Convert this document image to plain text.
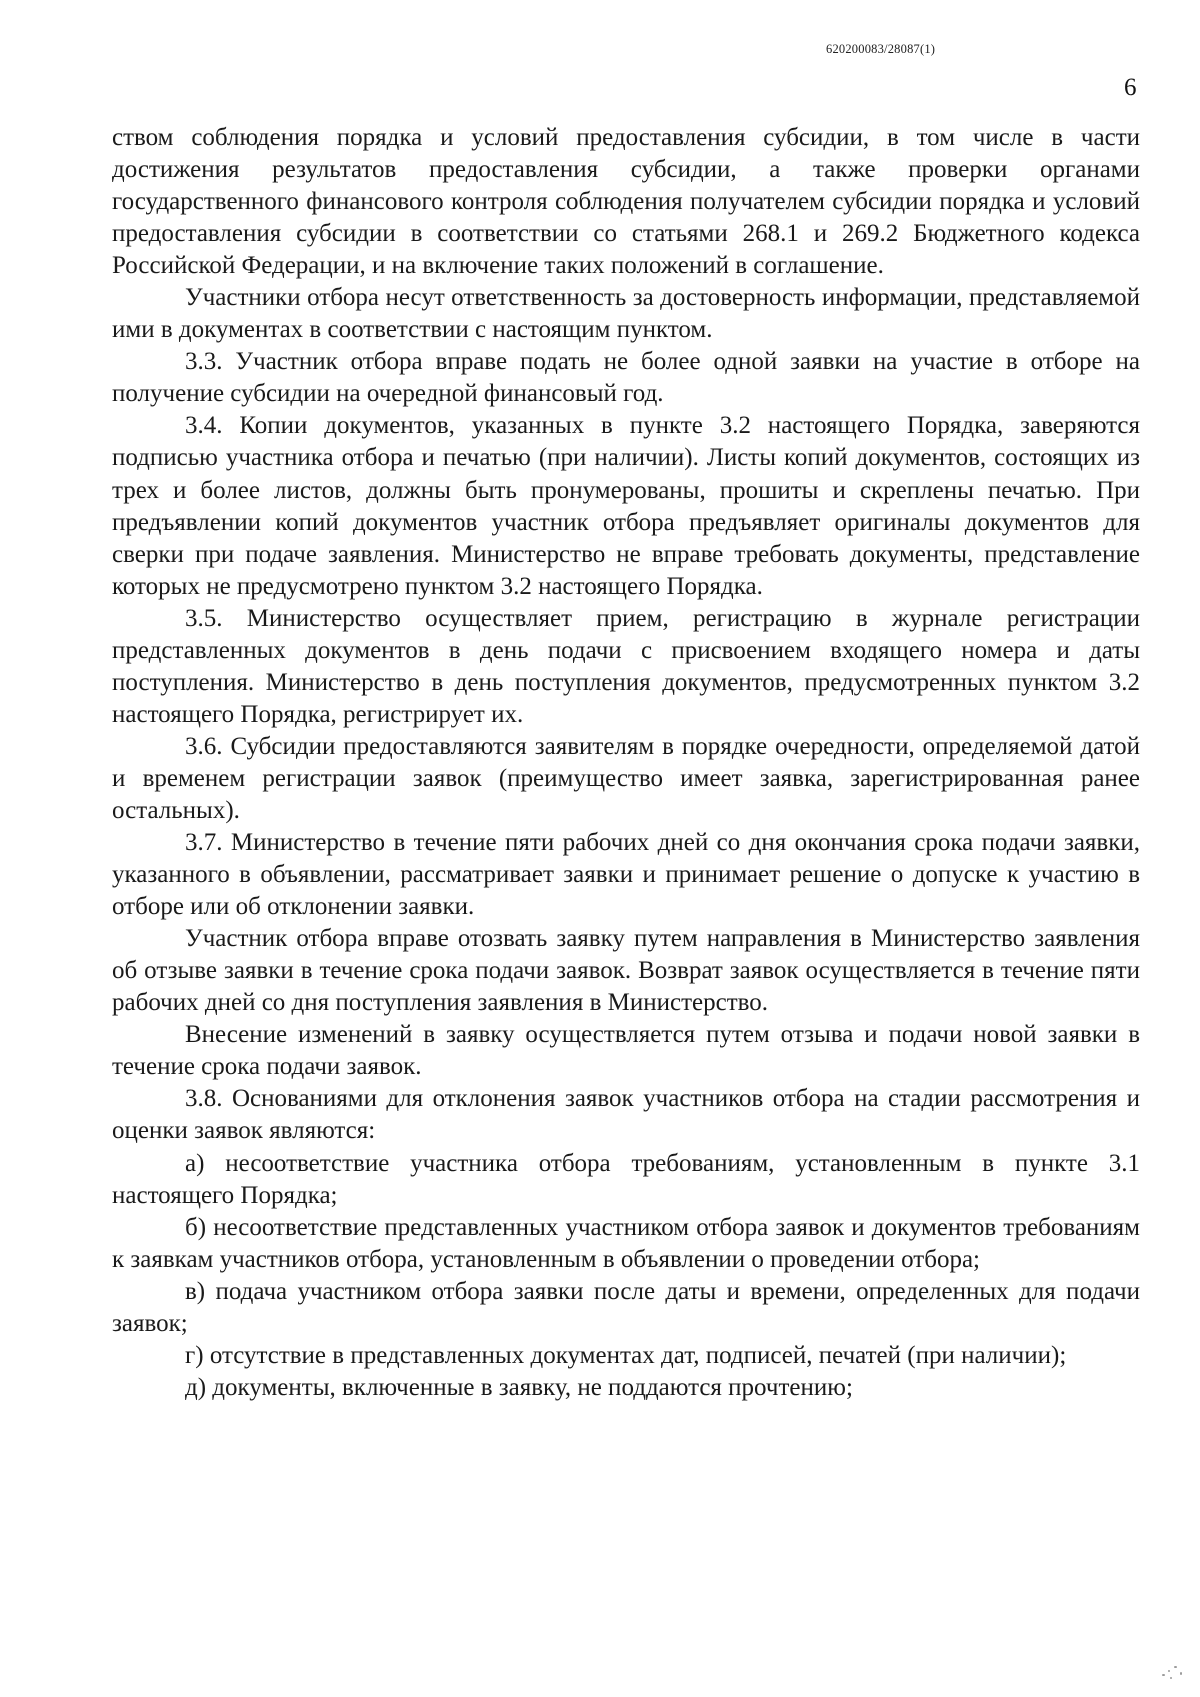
620200083/28087(1)
6

ством соблюдения порядка и условий предоставления субсидии, в том числе в части достижения результатов предоставления субсидии, а также проверки органами государственного финансового контроля соблюдения получателем субсидии порядка и условий предоставления субсидии в соответствии со статьями 268.1 и 269.2 Бюджетного кодекса Российской Федерации, и на включение таких положений в соглашение.

Участники отбора несут ответственность за достоверность информации, представляемой ими в документах в соответствии с настоящим пунктом.

3.3. Участник отбора вправе подать не более одной заявки на участие в отборе на получение субсидии на очередной финансовый год.

3.4. Копии документов, указанных в пункте 3.2 настоящего Порядка, заверяются подписью участника отбора и печатью (при наличии). Листы копий документов, состоящих из трех и более листов, должны быть пронумерованы, прошиты и скреплены печатью. При предъявлении копий документов участник отбора предъявляет оригиналы документов для сверки при подаче заявления. Министерство не вправе требовать документы, представление которых не предусмотрено пунктом 3.2 настоящего Порядка.

3.5. Министерство осуществляет прием, регистрацию в журнале регистрации представленных документов в день подачи с присвоением входящего номера и даты поступления. Министерство в день поступления документов, предусмотренных пунктом 3.2 настоящего Порядка, регистрирует их.

3.6. Субсидии предоставляются заявителям в порядке очередности, определяемой датой и временем регистрации заявок (преимущество имеет заявка, зарегистрированная ранее остальных).

3.7. Министерство в течение пяти рабочих дней со дня окончания срока подачи заявки, указанного в объявлении, рассматривает заявки и принимает решение о допуске к участию в отборе или об отклонении заявки.

Участник отбора вправе отозвать заявку путем направления в Министерство заявления об отзыве заявки в течение срока подачи заявок. Возврат заявок осуществляется в течение пяти рабочих дней со дня поступления заявления в Министерство.

Внесение изменений в заявку осуществляется путем отзыва и подачи новой заявки в течение срока подачи заявок.

3.8. Основаниями для отклонения заявок участников отбора на стадии рассмотрения и оценки заявок являются:

а) несоответствие участника отбора требованиям, установленным в пункте 3.1 настоящего Порядка;

б) несоответствие представленных участником отбора заявок и документов требованиям к заявкам участников отбора, установленным в объявлении о проведении отбора;

в) подача участником отбора заявки после даты и времени, определенных для подачи заявок;

г) отсутствие в представленных документах дат, подписей, печатей (при наличии);

д) документы, включенные в заявку, не поддаются прочтению;
